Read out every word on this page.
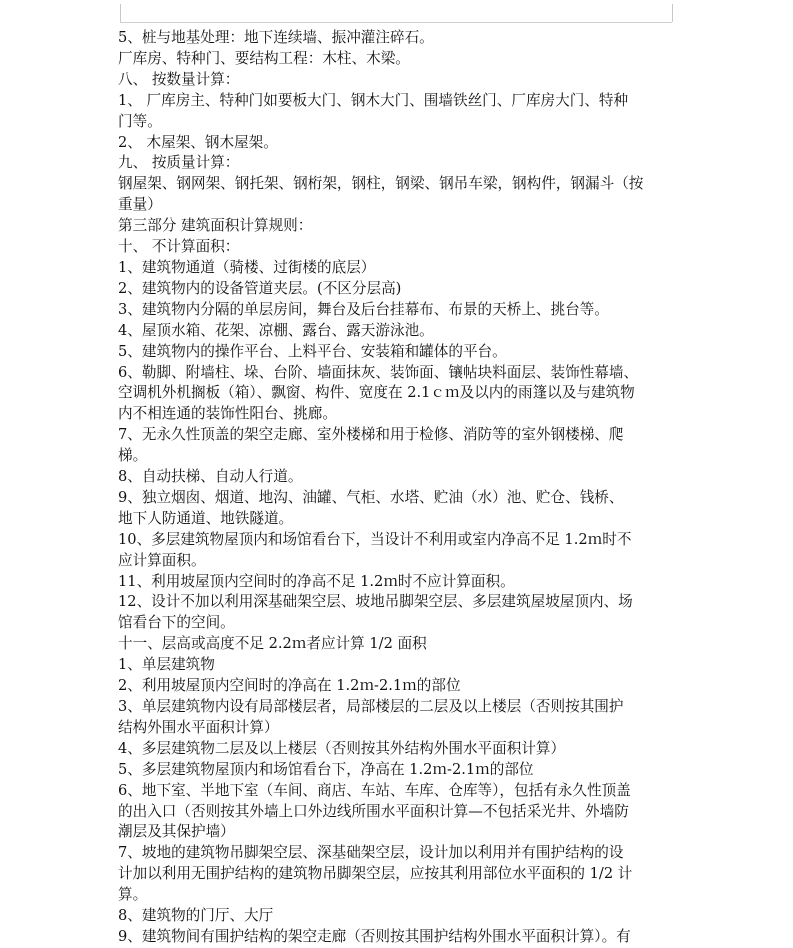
5、桩与地基处理：地下连续墙、振冲灌注碎石。

厂库房、特种门、要结构工程：木柱、木梁。

八、 按数量计算：

1、 厂库房主、特种门如要板大门、钢木大门、围墙铁丝门、厂库房大门、特种

门等。

2、 木屋架、钢木屋架。

九、 按质量计算：

钢屋架、钢网架、钢托架、钢桁架，钢柱，钢梁、钢吊车梁，钢构件，钢漏斗（按

重量）

第三部分 建筑面积计算规则：

十、 不计算面积：

1、建筑物通道（骑楼、过街楼的底层）

2、建筑物内的设备管道夹层。(不区分层高)

3、建筑物内分隔的单层房间，舞台及后台挂幕布、布景的天桥上、挑台等。

4、屋顶水箱、花架、凉棚、露台、露天游泳池。

5、建筑物内的操作平台、上料平台、安装箱和罐体的平台。

6、勒脚、附墙柱、垛、台阶、墙面抹灰、装饰面、镶帖块料面层、装饰性幕墙、

空调机外机搁板（箱）、飘窗、构件、宽度在 2.1ｃｍ及以内的雨篷以及与建筑物

内不相连通的装饰性阳台、挑廊。

7、无永久性顶盖的架空走廊、室外楼梯和用于检修、消防等的室外钢楼梯、爬

梯。

8、自动扶梯、自动人行道。

9、独立烟囱、烟道、地沟、油罐、气柜、水塔、贮油（水）池、贮仓、钱桥、

地下人防通道、地铁隧道。

10、多层建筑物屋顶内和场馆看台下，当设计不利用或室内净高不足 1.2ｍ时不

应计算面积。

11、利用坡屋顶内空间时的净高不足 1.2ｍ时不应计算面积。

12、设计不加以利用深基础架空层、坡地吊脚架空层、多层建筑屋坡屋顶内、场

馆看台下的空间。

十一、层高或高度不足 2.2ｍ者应计算 1/2 面积

1、单层建筑物

2、利用坡屋顶内空间时的净高在 1.2ｍ-2.1ｍ的部位

3、单层建筑物内设有局部楼层者，局部楼层的二层及以上楼层（否则按其围护

结构外围水平面积计算）

4、多层建筑物二层及以上楼层（否则按其外结构外围水平面积计算）

5、多层建筑物屋顶内和场馆看台下，净高在 1.2ｍ-2.1ｍ的部位

6、地下室、半地下室（车间、商店、车站、车库、仓库等），包括有永久性顶盖

的出入口（否则按其外墙上口外边线所围水平面积计算—不包括采光井、外墙防

潮层及其保护墙）

7、坡地的建筑物吊脚架空层、深基础架空层，设计加以利用并有围护结构的设

计加以利用无围护结构的建筑物吊脚架空层，应按其利用部位水平面积的 1/2 计

算。

8、建筑物的门厅、大厅

9、建筑物间有围护结构的架空走廊（否则按其围护结构外围水平面积计算）。有
